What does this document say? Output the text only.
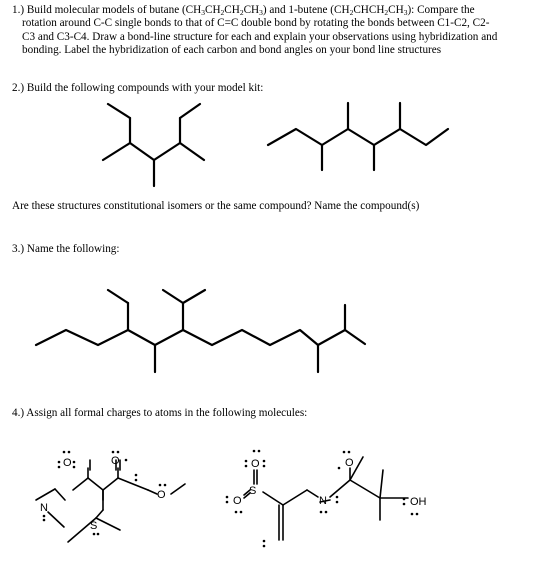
1.) Build molecular models of butane $(CH_3CH_2CH_2CH_3)$ and 1-butene $(CH_2CHCH_2CH_3)$: Compare the
rotation around C-C single bonds to that of C=C double bond by rotating the bonds between C1-C2, C2-
C3 and C3-C4. Draw a bond-line structure for each and explain your observations using hybridization and
bonding. Label the hybridization of each carbon and bond angles on your bond line structures
2.) Build the following compounds with your model kit:
Are these structures constitutional isomers or the same compound? Name the compound(s)
3.) Name the following:
4.) Assign all formal charges to atoms in the following molecules:
O	O
N
S
O
O
O
S
N
O
OH
